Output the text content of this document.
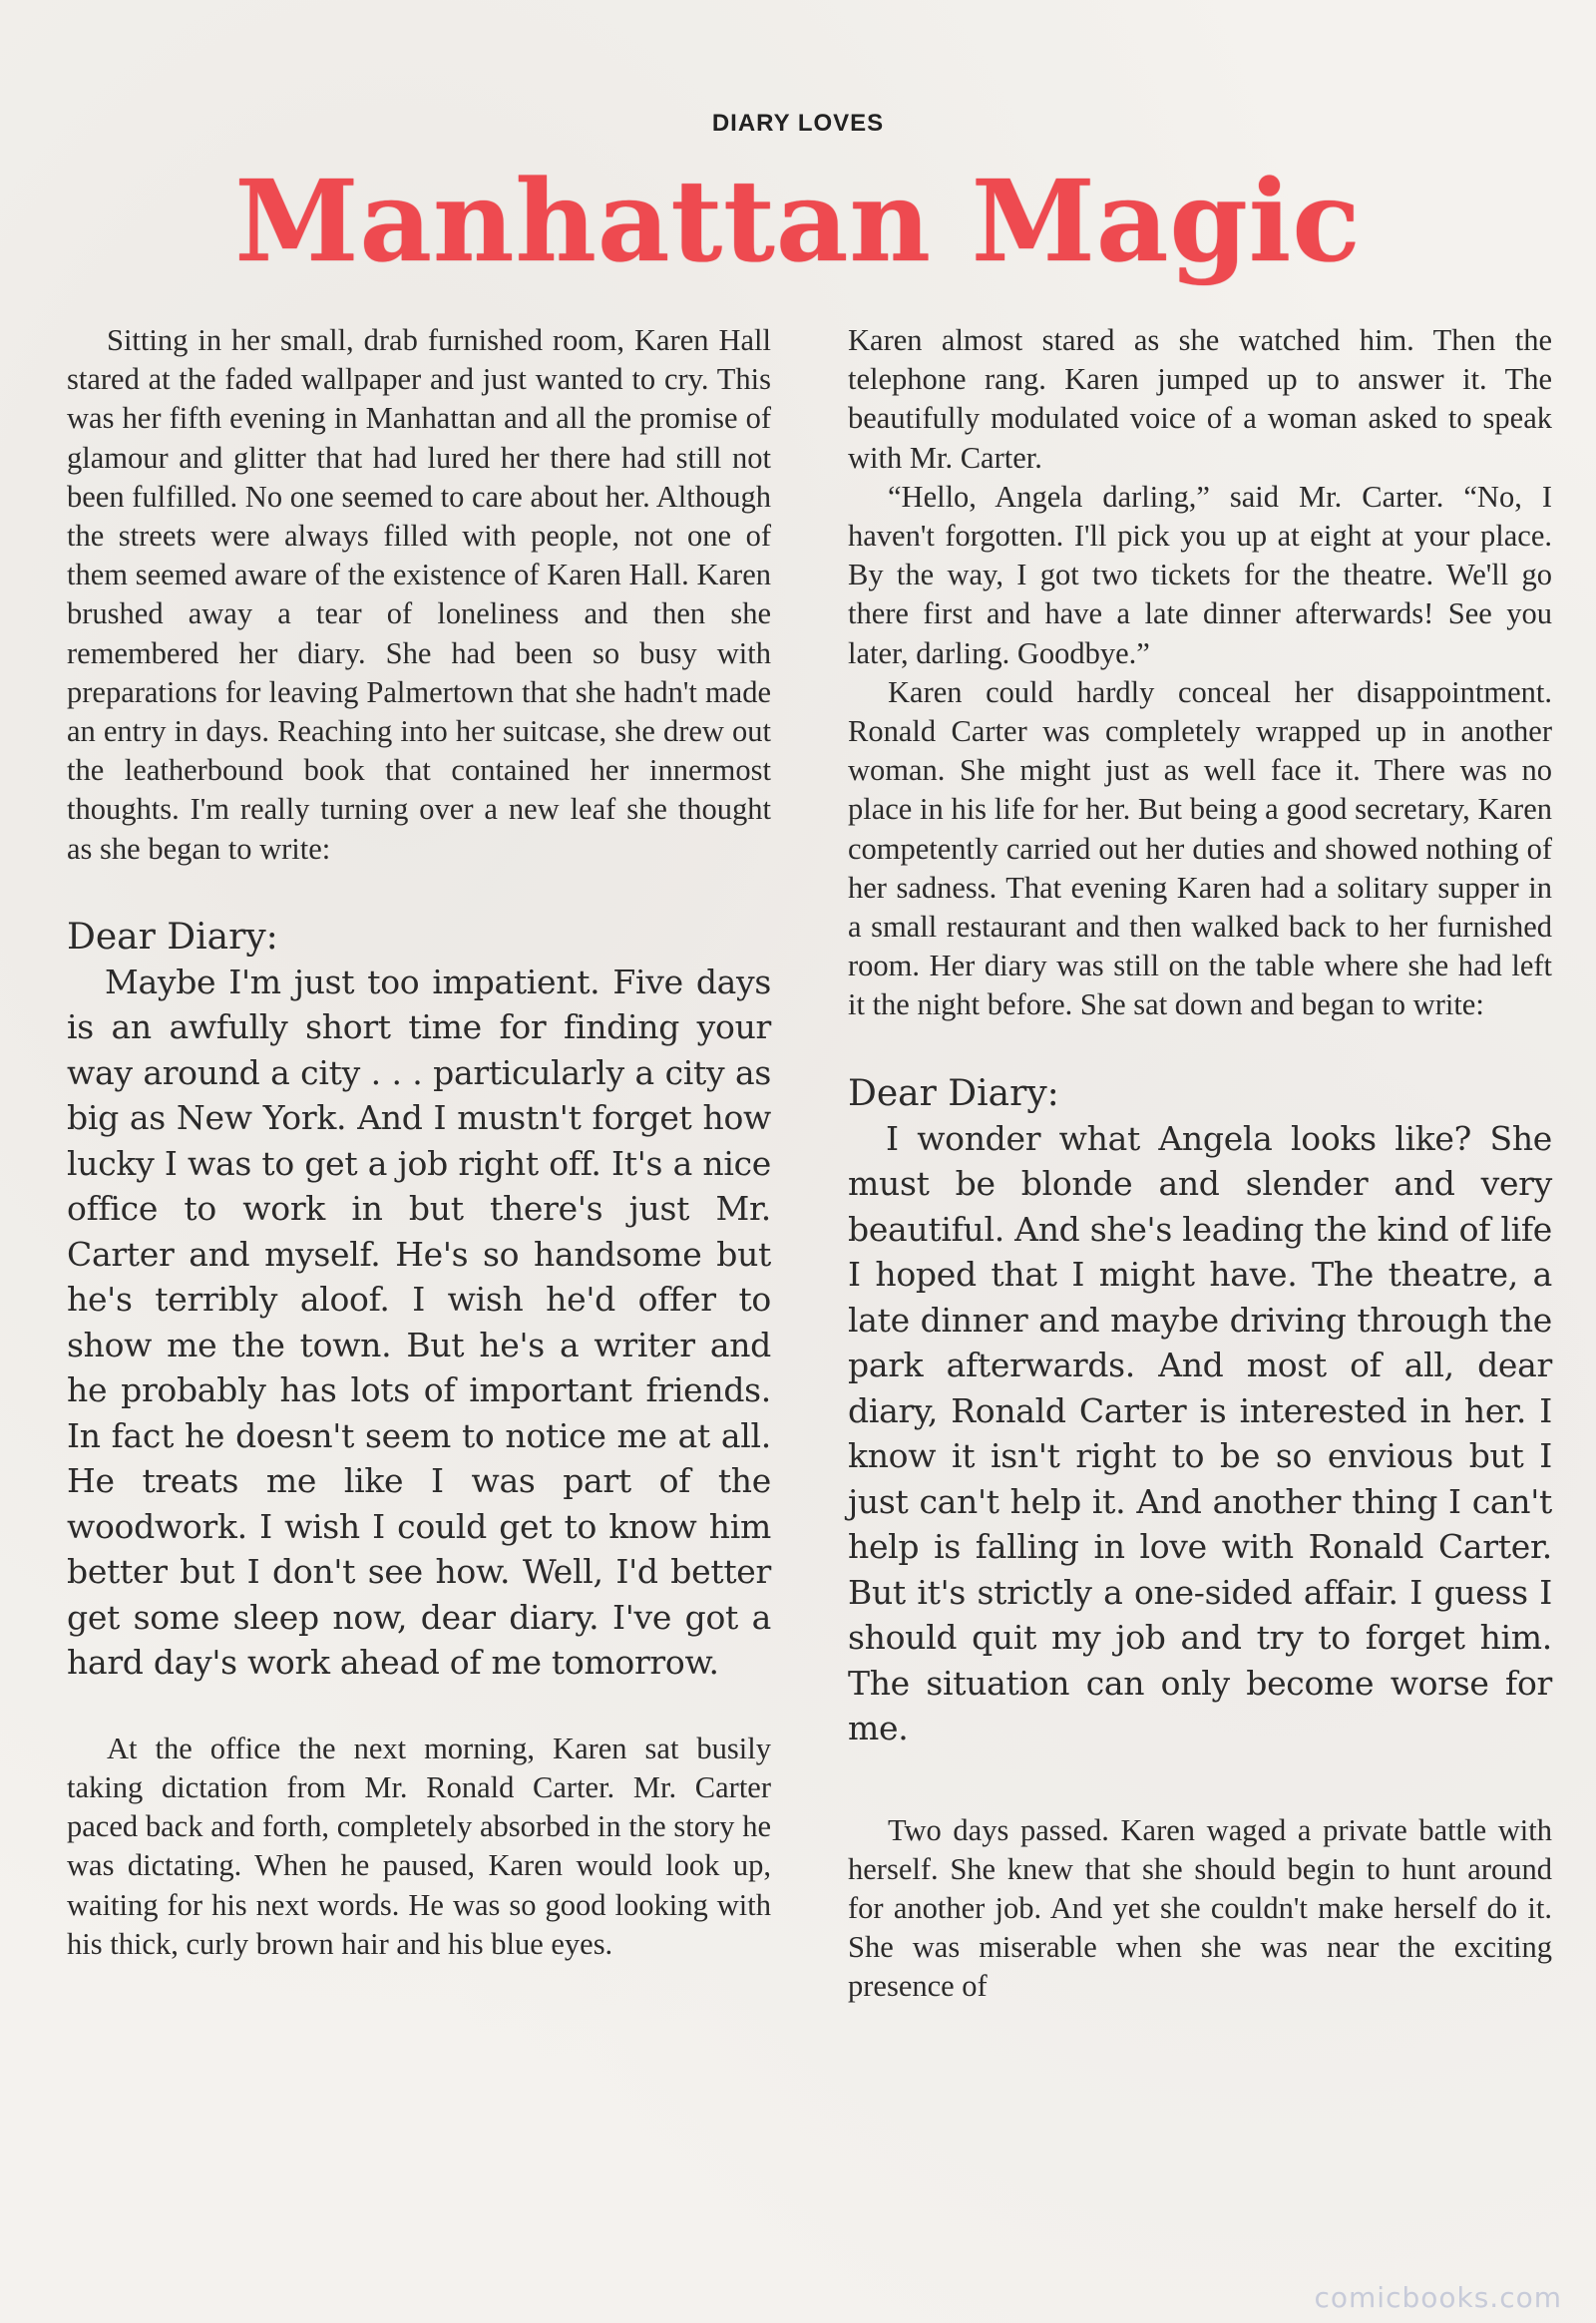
DIARY LOVES
Manhattan Magic

Sitting in her small, drab furnished room, Karen Hall stared at the faded wallpaper and just wanted to cry. This was her fifth evening in Manhattan and all the promise of glamour and glitter that had lured her there had still not been fulfilled. No one seemed to care about her. Although the streets were always filled with people, not one of them seemed aware of the existence of Karen Hall. Karen brushed away a tear of loneliness and then she remembered her diary. She had been so busy with preparations for leaving Palmertown that she hadn't made an entry in days. Reaching into her suitcase, she drew out the leatherbound book that contained her innermost thoughts. I'm really turning over a new leaf she thought as she began to write:

Dear Diary:

Maybe I'm just too impatient. Five days is an awfully short time for finding your way around a city . . . particularly a city as big as New York. And I mustn't forget how lucky I was to get a job right off. It's a nice office to work in but there's just Mr. Carter and myself. He's so handsome but he's terribly aloof. I wish he'd offer to show me the town. But he's a writer and he probably has lots of important friends. In fact he doesn't seem to notice me at all. He treats me like I was part of the woodwork. I wish I could get to know him better but I don't see how. Well, I'd better get some sleep now, dear diary. I've got a hard day's work ahead of me tomorrow.

At the office the next morning, Karen sat busily taking dictation from Mr. Ronald Carter. Mr. Carter paced back and forth, completely absorbed in the story he was dictating. When he paused, Karen would look up, waiting for his next words. He was so good looking with his thick, curly brown hair and his blue eyes.

Karen almost stared as she watched him. Then the telephone rang. Karen jumped up to answer it. The beautifully modulated voice of a woman asked to speak with Mr. Carter.

“Hello, Angela darling,” said Mr. Carter. “No, I haven't forgotten. I'll pick you up at eight at your place. By the way, I got two tickets for the theatre. We'll go there first and have a late dinner afterwards! See you later, darling. Goodbye.”

Karen could hardly conceal her disappointment. Ronald Carter was completely wrapped up in another woman. She might just as well face it. There was no place in his life for her. But being a good secretary, Karen competently carried out her duties and showed nothing of her sadness. That evening Karen had a solitary supper in a small restaurant and then walked back to her furnished room. Her diary was still on the table where she had left it the night before. She sat down and began to write:

Dear Diary:

I wonder what Angela looks like? She must be blonde and slender and very beautiful. And she's leading the kind of life I hoped that I might have. The theatre, a late dinner and maybe driving through the park afterwards. And most of all, dear diary, Ronald Carter is interested in her. I know it isn't right to be so envious but I just can't help it. And another thing I can't help is falling in love with Ronald Carter. But it's strictly a one-sided affair. I guess I should quit my job and try to forget him. The situation can only become worse for me.

Two days passed. Karen waged a private battle with herself. She knew that she should begin to hunt around for another job. And yet she couldn't make herself do it. She was miserable when she was near the exciting presence of

comicbooks.com
